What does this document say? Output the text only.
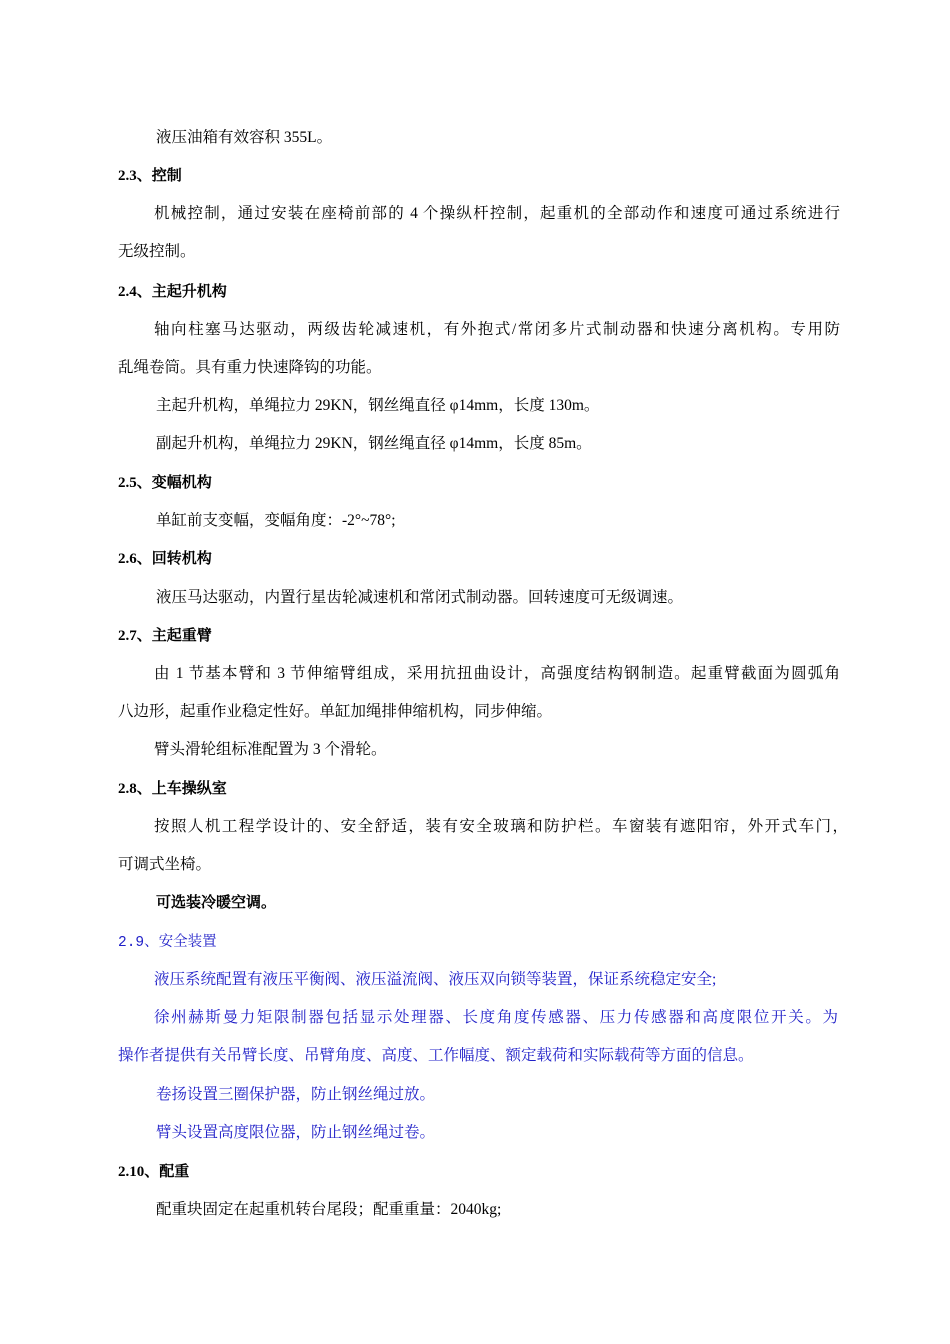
液压油箱有效容积 355L。
2.3、控制
机械控制，通过安装在座椅前部的 4 个操纵杆控制，起重机的全部动作和速度可通过系统进行
无级控制。
2.4、主起升机构
轴向柱塞马达驱动，两级齿轮减速机，有外抱式/常闭多片式制动器和快速分离机构。专用防
乱绳卷筒。具有重力快速降钩的功能。
主起升机构，单绳拉力 29KN，钢丝绳直径 φ14mm，长度 130m。
副起升机构，单绳拉力 29KN，钢丝绳直径 φ14mm，长度 85m。
2.5、变幅机构
单缸前支变幅，变幅角度：-2°~78°;
2.6、回转机构
液压马达驱动，内置行星齿轮减速机和常闭式制动器。回转速度可无级调速。
2.7、主起重臂
由 1 节基本臂和 3 节伸缩臂组成，采用抗扭曲设计，高强度结构钢制造。起重臂截面为圆弧角
八边形，起重作业稳定性好。单缸加绳排伸缩机构，同步伸缩。
臂头滑轮组标准配置为 3 个滑轮。
2.8、上车操纵室
按照人机工程学设计的、安全舒适，装有安全玻璃和防护栏。车窗装有遮阳帘，外开式车门，
可调式坐椅。
可选装冷暖空调。
2.9、安全装置
液压系统配置有液压平衡阀、液压溢流阀、液压双向锁等装置，保证系统稳定安全;
徐州赫斯曼力矩限制器包括显示处理器、长度角度传感器、压力传感器和高度限位开关。为
操作者提供有关吊臂长度、吊臂角度、高度、工作幅度、额定载荷和实际载荷等方面的信息。
卷扬设置三圈保护器，防止钢丝绳过放。
臂头设置高度限位器，防止钢丝绳过卷。
2.10、配重
配重块固定在起重机转台尾段；配重重量：2040kg;
